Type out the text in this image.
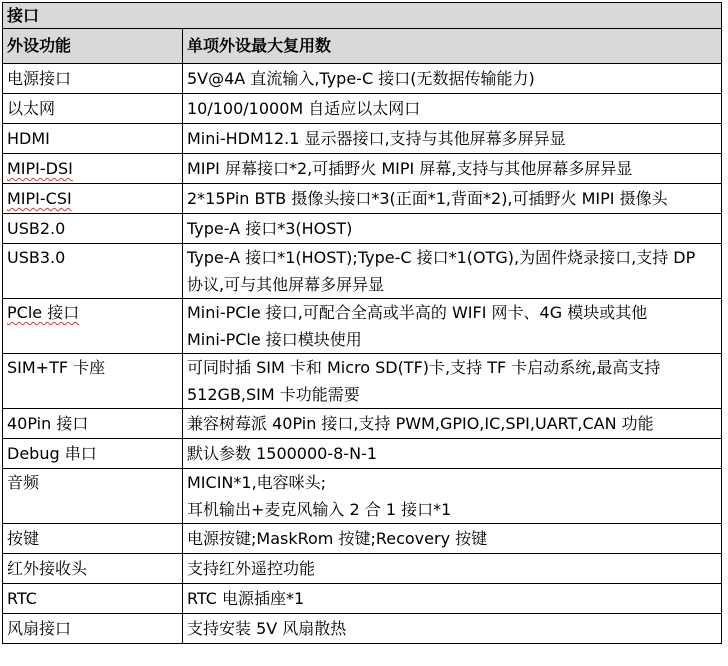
接口	
外设功能	单项外设最大复用数
电源接口	5V@4A 直流输入,Type-C 接口(无数据传输能力)

以太网	10/100/1000M 自适应以太网口

HDMI	Mini-HDM12.1 显示器接口,支持与其他屏幕多屏异显

MIPI-DSI	MIPI 屏幕接口*2,可插野火 MIPI 屏幕,支持与其他屏幕多屏异显

MIPI-CSI	2*15Pin BTB 摄像头接口*3(正面*1,背面*2),可插野火 MIPI 摄像头

USB2.0	Type-A 接口*3(HOST)

USB3.0	Type-A 接口*1(HOST);Type-C 接口*1(OTG),为固件烧录接口,支持 DP
协议,可与其他屏幕多屏异显

PCle 接口	Mini-PCle 接口,可配合全高或半高的 WIFI 网卡、4G 模块或其他
Mini-PCle 接口模块使用

SIM+TF 卡座	可同时插 SIM 卡和 Micro SD(TF)卡,支持 TF 卡启动系统,最高支持
512GB,SIM 卡功能需要

40Pin 接口	兼容树莓派 40Pin 接口,支持 PWM,GPIO,IC,SPI,UART,CAN 功能

Debug 串口	默认参数 1500000-8-N-1

音频	MICIN*1,电容咪头;
耳机输出+麦克风输入 2 合 1 接口*1

按键	电源按键;MaskRom 按键;Recovery 按键

红外接收头	支持红外遥控功能

RTC	RTC 电源插座*1

风扇接口	支持安装 5V 风扇散热
